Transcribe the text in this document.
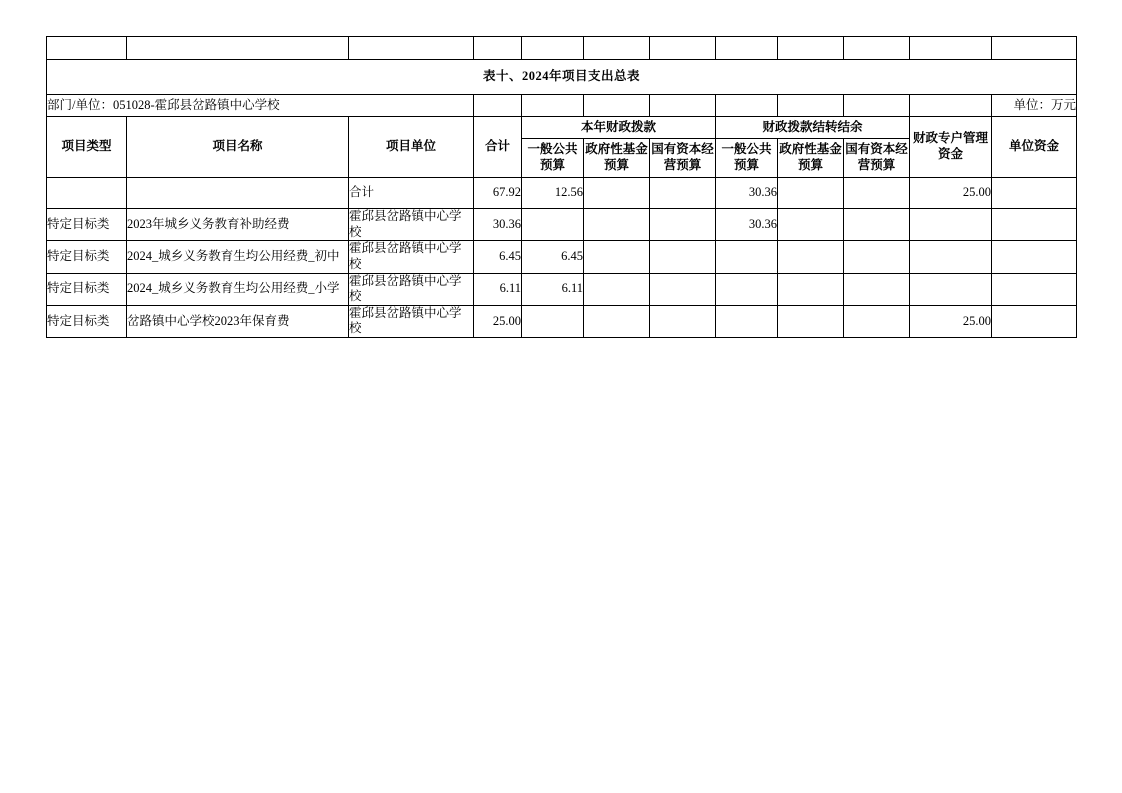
表十、2024年项目支出总表											
部门/单位：051028-霍邱县岔路镇中心学校											单位：万元
项目类型	项目名称	项目单位	合计	本年财政拨款			财政拨款结转结余			财政专户管理资金	单位资金
				一般公共预算	政府性基金预算	国有资本经营预算	一般公共预算	政府性基金预算	国有资本经营预算		
		合计	67.92	12.56			30.36			25.00	
特定目标类	2023年城乡义务教育补助经费	霍邱县岔路镇中心学校	30.36				30.36				
特定目标类	2024_城乡义务教育生均公用经费_初中	霍邱县岔路镇中心学校	6.45	6.45							
特定目标类	2024_城乡义务教育生均公用经费_小学	霍邱县岔路镇中心学校	6.11	6.11							
特定目标类	岔路镇中心学校2023年保育费	霍邱县岔路镇中心学校	25.00							25.00	
